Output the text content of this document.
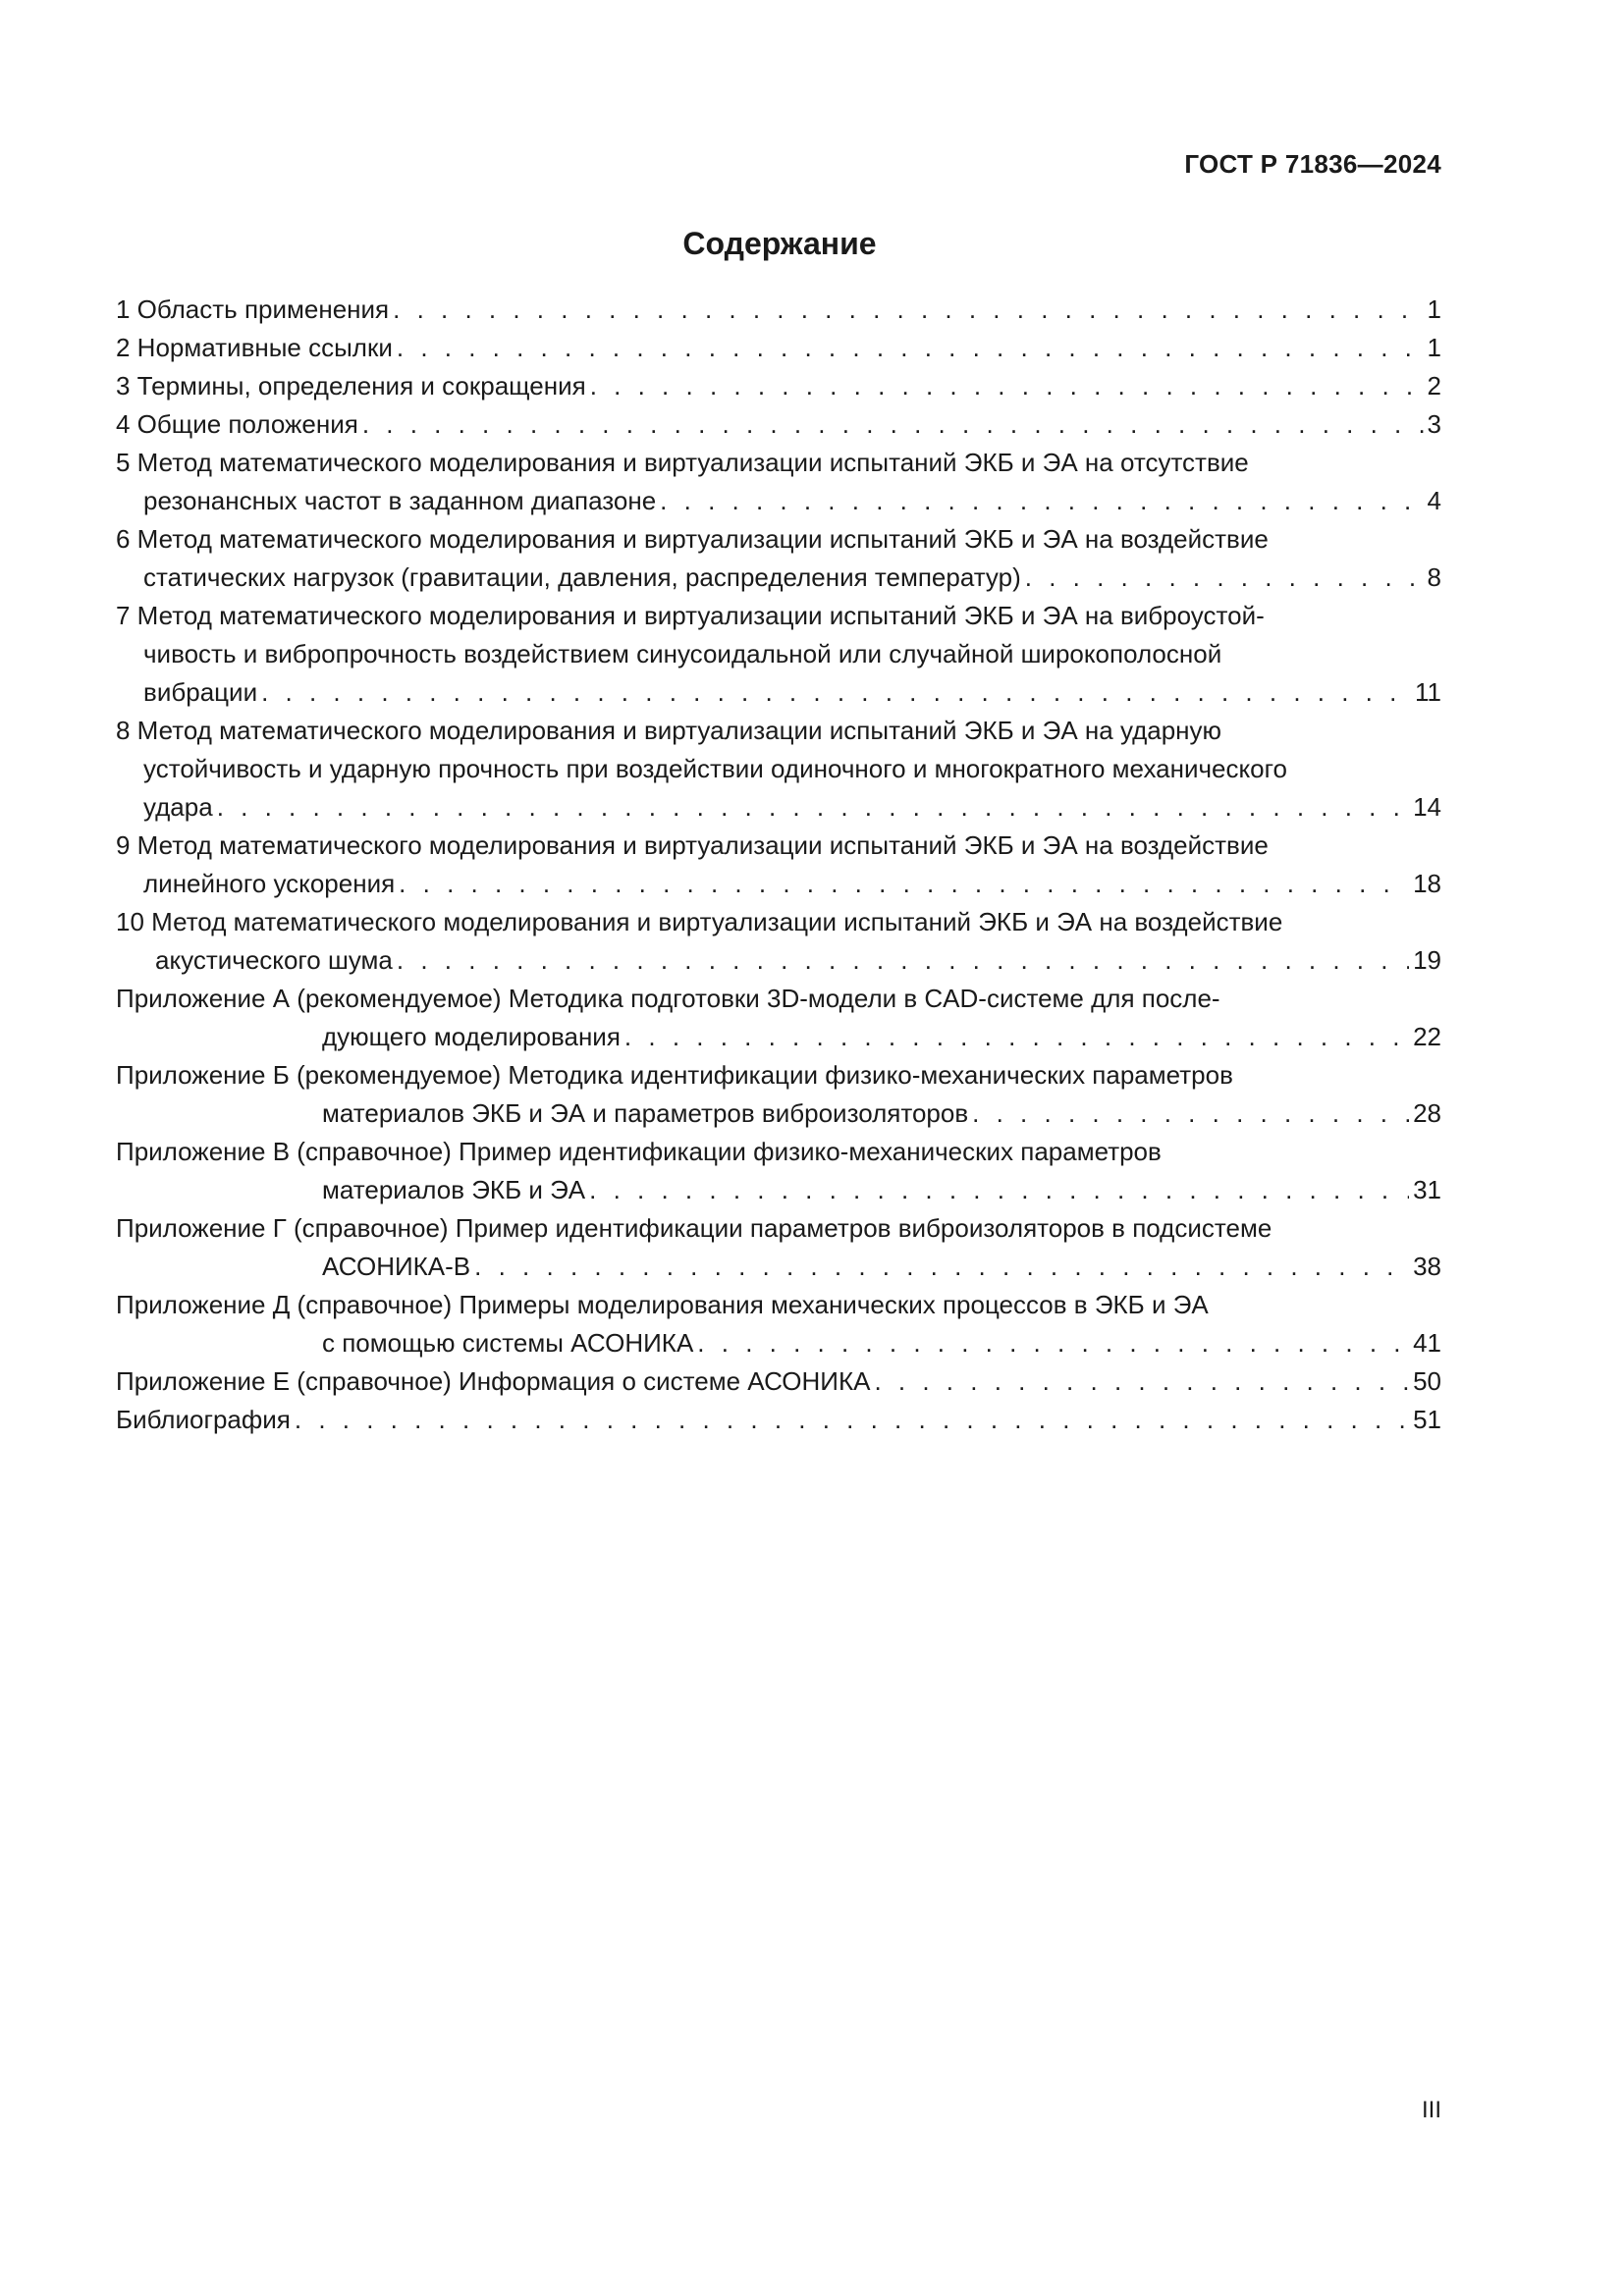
ГОСТ Р 71836—2024
Содержание
1 Область применения . . .	1
2 Нормативные ссылки . . .	1
3 Термины, определения и сокращения . . .	2
4 Общие положения . . .	3
5 Метод математического моделирования и виртуализации испытаний ЭКБ и ЭА на отсутствие
резонансных частот в заданном диапазоне . . .	4
6 Метод математического моделирования и виртуализации испытаний ЭКБ и ЭА на воздействие
статических нагрузок (гравитации, давления, распределения температур) . . .	8
7 Метод математического моделирования и виртуализации испытаний ЭКБ и ЭА на виброустой-
чивость и вибропрочность воздействием синусоидальной или случайной широкополосной
вибрации . . .	11
8 Метод математического моделирования и виртуализации испытаний ЭКБ и ЭА на ударную
устойчивость и ударную прочность при воздействии одиночного и многократного механического
удара . . .	14
9 Метод математического моделирования и виртуализации испытаний ЭКБ и ЭА на воздействие
линейного ускорения . . .	18
10 Метод математического моделирования и виртуализации испытаний ЭКБ и ЭА на воздействие
акустического шума . . .	19
Приложение А (рекомендуемое) Методика подготовки 3D-модели в CAD-системе для после-
дующего моделирования . . .	22
Приложение Б (рекомендуемое) Методика идентификации физико-механических параметров
материалов ЭКБ и ЭА и параметров виброизоляторов . . .	28
Приложение В (справочное) Пример идентификации физико-механических параметров
материалов ЭКБ и ЭА . . .	31
Приложение Г (справочное) Пример идентификации параметров виброизоляторов в подсистеме
АСОНИКА-В . . .	38
Приложение Д (справочное) Примеры моделирования механических процессов в ЭКБ и ЭА
с помощью системы АСОНИКА . . .	41
Приложение Е (справочное) Информация о системе АСОНИКА . . .	50
Библиография . . .	51
III
